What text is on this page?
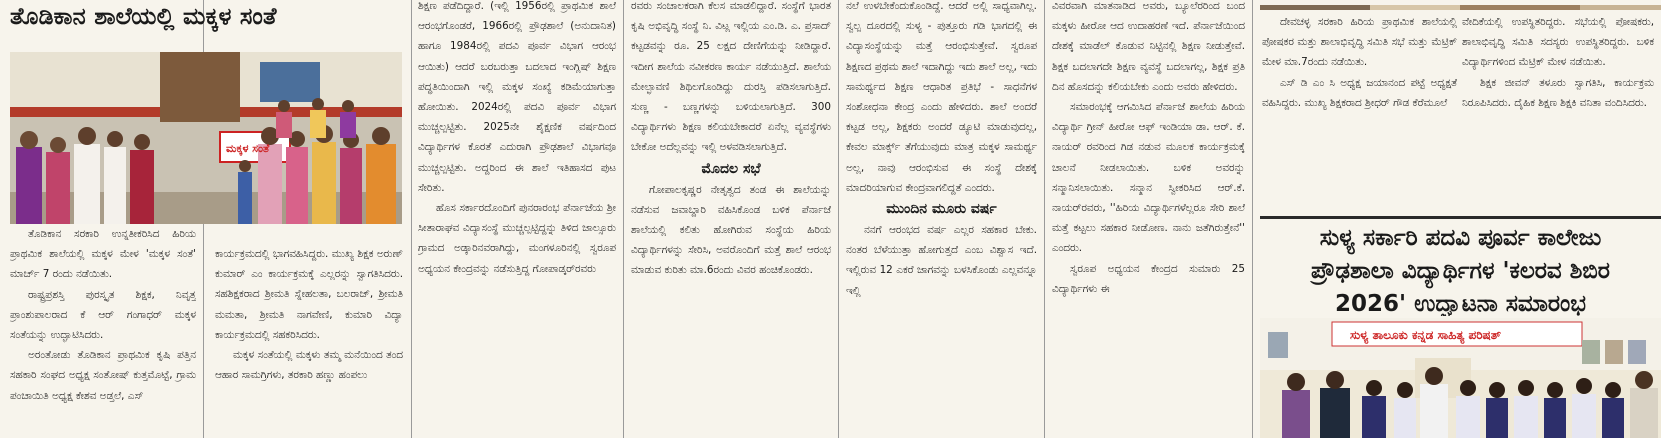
ತೊಡಿಕಾನ ಶಾಲೆಯಲ್ಲಿ ಮಕ್ಕಳ ಸಂತೆ
ಮಕ್ಕಳ ಸಂತೆ

ತೊಡಿಕಾನ ಸರಕಾರಿ ಉನ್ನತೀಕರಿಸಿದ ಹಿರಿಯ ಪ್ರಾಥಮಿಕ ಶಾಲೆಯಲ್ಲಿ ಮಕ್ಕಳ ಮೇಳ 'ಮಕ್ಕಳ ಸಂತೆ' ಮಾರ್ಚ್ 7 ರಂದು ನಡೆಯಿತು.

ರಾಷ್ಟ್ರಪ್ರಶಸ್ತಿ ಪುರಸ್ಕೃತ ಶಿಕ್ಷಕ, ನಿವೃತ್ತ ಪ್ರಾಂಶುಪಾಲರಾದ ಕೆ ಆರ್ ಗಂಗಾಧರ್ ಮಕ್ಕಳ ಸಂತೆಯನ್ನು ಉದ್ಘಾಟಿಸಿದರು.

ಅರಂತೋಡು ತೊಡಿಕಾನ ಪ್ರಾಥಮಿಕ ಕೃಷಿ ಪತ್ತಿನ ಸಹಕಾರಿ ಸಂಘದ ಅಧ್ಯಕ್ಷ ಸಂತೋಷ್ ಕುತ್ತಮೊಟ್ಟೆ, ಗ್ರಾಮ ಪಂಚಾಯಿತಿ ಅಧ್ಯಕ್ಷ ಕೇಶವ ಅಡ್ತಲೆ, ಎಸ್

ಕಾರ್ಯಕ್ರಮದಲ್ಲಿ ಭಾಗವಹಿಸಿದ್ದರು. ಮುಖ್ಯ ಶಿಕ್ಷಕ ಅರುಣ್ ಕುಮಾರ್ ಎಂ ಕಾರ್ಯಕ್ರಮಕ್ಕೆ ಎಲ್ಲರನ್ನು ಸ್ವಾಗತಿಸಿದರು. ಸಹಶಿಕ್ಷಕರಾದ ಶ್ರೀಮತಿ ಸ್ನೇಹಲತಾ, ಬಲರಾಜ್, ಶ್ರೀಮತಿ ಮಮತಾ, ಶ್ರೀಮತಿ ನಾಗವೇಣಿ, ಕುಮಾರಿ ವಿದ್ಯಾ ಕಾರ್ಯಕ್ರಮದಲ್ಲಿ ಸಹಕರಿಸಿದರು.

ಮಕ್ಕಳ ಸಂತೆಯಲ್ಲಿ ಮಕ್ಕಳು ತಮ್ಮ ಮನೆಯಿಂದ ತಂದ ಆಹಾರ ಸಾಮಗ್ರಿಗಳು, ತರಕಾರಿ ಹಣ್ಣು ಹಂಪಲು

ಶಿಕ್ಷಣ ಪಡೆದಿದ್ದಾರೆ. (ಇಲ್ಲಿ 1956ರಲ್ಲಿ ಪ್ರಾಥಮಿಕ ಶಾಲೆ ಆರಂಭಗೊಂಡರೆ, 1966ರಲ್ಲಿ ಪ್ರೌಢಶಾಲೆ (ಅನುದಾನಿತ) ಹಾಗೂ 1984ರಲ್ಲಿ ಪದವಿ ಪೂರ್ವ ವಿಭಾಗ ಆರಂಭ ಆಯಿತು) ಆದರೆ ಬರಬರುತ್ತಾ ಬದಲಾದ ಇಂಗ್ಲಿಷ್ ಶಿಕ್ಷಣ ಪದ್ಧತಿಯಿಂದಾಗಿ ಇಲ್ಲಿ ಮಕ್ಕಳ ಸಂಖ್ಯೆ ಕಡಿಮೆಯಾಗುತ್ತಾ ಹೋಯಿತು. 2024ರಲ್ಲಿ ಪದವಿ ಪೂರ್ವ ವಿಭಾಗ ಮುಚ್ಚಲ್ಪಟ್ಟಿತು. 2025ನೇ ಶೈಕ್ಷಣಿಕ ವರ್ಷದಿಂದ ವಿದ್ಯಾರ್ಥಿಗಳ ಕೊರತೆ ಎದುರಾಗಿ ಪ್ರೌಢಶಾಲೆ ವಿಭಾಗವೂ ಮುಚ್ಚಲ್ಪಟ್ಟಿತು. ಅದ್ದರಿಂದ ಈ ಶಾಲೆ ಇತಿಹಾಸದ ಪುಟ ಸೇರಿತು.

ಹೊಸ ಸರ್ಕಾರದೊಂದಿಗೆ ಪುನರಾರಂಭ ಪೆರ್ನಾಜೆಯ ಶ್ರೀ ಸೀತಾರಾಘವ ವಿದ್ಯಾಸಂಸ್ಥೆ ಮುಚ್ಚಲ್ಪಟ್ಟಿದ್ದನ್ನು ತಿಳಿದ ಜಾಲ್ಸೂರು ಗ್ರಾಮದ ಅಡ್ಕಾರಿನವರಾಗಿದ್ದು, ಮಂಗಳೂರಿನಲ್ಲಿ ಸ್ವರೂಪ ಅಧ್ಯಯನ ಕೇಂದ್ರವನ್ನು ನಡೆಸುತ್ತಿದ್ದ ಗೋಪಾಡ್ಕರ್‌ರವರು

ರವರು ಸಂಚಾಲಕರಾಗಿ ಕೆಲಸ ಮಾಡಲಿದ್ದಾರೆ. ಸಂಸ್ಥೆಗೆ ಭಾರತ ಕೃಷಿ ಅಭಿವೃದ್ಧಿ ಸಂಸ್ಥೆ ನಿ. ವಿಟ್ಲ ಇಲ್ಲಿಯ ಎಂ.ಡಿ. ಎ. ಪ್ರಸಾದ್ ಕಟ್ಟಡವನ್ನು ರೂ. 25 ಲಕ್ಷದ ದೇಣಿಗೆಯನ್ನು ನೀಡಿದ್ದಾರೆ. ಇದೀಗ ಶಾಲೆಯ ನವೀಕರಣ ಕಾರ್ಯ ನಡೆಯುತ್ತಿದೆ. ಶಾಲೆಯ ಮೇಲ್ಛಾವಣಿ ಶಿಥಿಲಗೊಂಡಿದ್ದು ದುರಸ್ತಿ ಪಡಿಸಲಾಗುತ್ತಿದೆ. ಸುಣ್ಣ - ಬಣ್ಣಗಳನ್ನು ಬಳಿಯಲಾಗುತ್ತಿದೆ. 300 ವಿದ್ಯಾರ್ಥಿಗಳು ಶಿಕ್ಷಣ ಕಲಿಯಬೇಕಾದರೆ ಏನೆಲ್ಲ ವ್ಯವಸ್ಥೆಗಳು ಬೇಕೋ ಅದೆಲ್ಲವನ್ನು ಇಲ್ಲಿ ಅಳವಡಿಸಲಾಗುತ್ತಿದೆ.

ಮೊದಲ ಸಭೆ

ಗೋಪಾಲಕೃಷ್ಣರ ನೇತೃತ್ವದ ತಂಡ ಈ ಶಾಲೆಯನ್ನು ನಡೆಸುವ ಜವಾಬ್ದಾರಿ ವಹಿಸಿಕೊಂಡ ಬಳಿಕ ಪೆರ್ನಾಜೆ ಶಾಲೆಯಲ್ಲಿ ಕಲಿತು ಹೋಗಿರುವ ಸಂಸ್ಥೆಯ ಹಿರಿಯ ವಿದ್ಯಾರ್ಥಿಗಳನ್ನು ಸೇರಿಸಿ, ಅವರೊಂದಿಗೆ ಮತ್ತೆ ಶಾಲೆ ಆರಂಭ ಮಾಡುವ ಕುರಿತು ಮಾ.6ರಂದು ವಿವರ ಹಂಚಿಕೊಂಡರು.

ನಲೆ ಉಳಬೇಕೆಂದುಕೊಂಡಿದ್ದೆ. ಆದರೆ ಅಲ್ಲಿ ಸಾಧ್ಯವಾಗಿಲ್ಲ. ಸ್ವಲ್ಪ ದೂರದಲ್ಲಿ ಸುಳ್ಯ - ಪುತ್ತೂರು ಗಡಿ ಭಾಗದಲ್ಲಿ ಈ ವಿದ್ಯಾಸಂಸ್ಥೆಯನ್ನು ಮತ್ತೆ ಆರಂಭಿಸುತ್ತೇವೆ. ಸ್ವರೂಪ ಶಿಕ್ಷಣದ ಪ್ರಥಮ ಶಾಲೆ ಇದಾಗಿದ್ದು ಇದು ಶಾಲೆ ಅಲ್ಲ, ಇದು ಸಾಮರ್ಥ್ಯದ ಶಿಕ್ಷಣ ಆಧಾರಿತ ಪ್ರತಿಭೆ - ಸಾಧನೆಗಳ ಸಂಶೋಧನಾ ಕೇಂದ್ರ ಎಂದು ಹೇಳಿದರು. ಶಾಲೆ ಅಂದರೆ ಕಟ್ಟಡ ಅಲ್ಲ, ಶಿಕ್ಷಕರು ಅಂದರೆ ಡ್ಯೂಟಿ ಮಾಡುವುದಲ್ಲ, ಕೇವಲ ಮಾರ್ಕ್ಸ್ ತೆಗೆಯುವುದು ಮಾತ್ರ ಮಕ್ಕಳ ಸಾಮರ್ಥ್ಯ ಅಲ್ಲ, ನಾವು ಆರಂಭಿಸುವ ಈ ಸಂಸ್ಥೆ ದೇಶಕ್ಕೆ ಮಾದರಿಯಾಗುವ ಕೇಂದ್ರವಾಗಲಿದ್ದತೆ ಎಂದರು.

ಮುಂದಿನ ಮೂರು ವರ್ಷ

ನನಗೆ ಆರಂಭದ ವರ್ಷ ಎಲ್ಲರ ಸಹಕಾರ ಬೇಕು. ನಂತರ ಬೆಳೆಯುತ್ತಾ ಹೋಗುತ್ತದೆ ಎಂಬ ವಿಶ್ವಾಸ ಇದೆ. ಇಲ್ಲಿರುವ 12 ಎಕರೆ ಜಾಗವನ್ನು ಬಳಸಿಕೊಂಡು ಎಲ್ಲವನ್ನೂ ಇಲ್ಲಿ

ವಿವರವಾಗಿ ಮಾತನಾಡಿದ ಅವರು, ಬ್ಯೂಲೆರರಿಂದ ಬಂದ ಮಕ್ಕಳು ಹೀರೋ ಆದ ಉದಾಹರಣೆ ಇದೆ. ಪೆರ್ನಾಜೆಯಿಂದ ದೇಶಕ್ಕೆ ಮಾಡೆಲ್ ಕೊಡುವ ನಿಟ್ಟಿನಲ್ಲಿ ಶಿಕ್ಷಣ ನೀಡುತ್ತೇವೆ. ಶಿಕ್ಷಕ ಬದಲಾಗದೇ ಶಿಕ್ಷಣ ವ್ಯವಸ್ಥೆ ಬದಲಾಗಲ್ಲ, ಶಿಕ್ಷಕ ಪ್ರತಿ ದಿನ ಹೊಸದನ್ನು ಕಲಿಯಬೇಕು ಎಂದು ಅವರು ಹೇಳಿದರು.

ಸಮಾರಂಭಕ್ಕೆ ಆಗಮಿಸಿದ ಪೆರ್ನಾಜೆ ಶಾಲೆಯ ಹಿರಿಯ ವಿದ್ಯಾರ್ಥಿ ಗ್ರೀನ್ ಹೀರೋ ಆಫ್ ಇಂಡಿಯಾ ಡಾ. ಆರ್. ಕೆ. ನಾಯರ್ ರವರಿಂದ ಗಿಡ ನಡುವ ಮೂಲಕ ಕಾರ್ಯಕ್ರಮಕ್ಕೆ ಚಾಲನೆ ನೀಡಲಾಯಿತು. ಬಳಿಕ ಅವರನ್ನು ಸನ್ಮಾನಿಸಲಾಯಿತು. ಸನ್ಮಾನ ಸ್ವೀಕರಿಸಿದ ಆರ್.ಕೆ. ನಾಯರ್‌ರವರು, ''ಹಿರಿಯ ವಿದ್ಯಾರ್ಥಿಗಳೆಲ್ಲರೂ ಸೇರಿ ಶಾಲೆ ಮತ್ತೆ ಕಟ್ಟಲು ಸಹಕಾರ ನೀಡೋಣ. ನಾನು ಜತೆಗಿರುತ್ತೇನೆ'' ಎಂದರು.

ಸ್ವರೂಪ ಅಧ್ಯಯನ ಕೇಂದ್ರದ ಸುಮಾರು 25 ವಿದ್ಯಾರ್ಥಿಗಳು ಈ

ದೇವಚಳ್ಳ ಸರಕಾರಿ ಹಿರಿಯ ಪ್ರಾಥಮಿಕ ಶಾಲೆಯಲ್ಲಿ ಪೋಷಕರ ಮತ್ತು ಶಾಲಾಭಿವೃದ್ಧಿ ಸಮಿತಿ ಸಭೆ ಮತ್ತು ಮೆಟ್ರಿಕ್ ಮೇಳ ಮಾ.7ರಂದು ನಡೆಯಿತು.

ಎಸ್ ಡಿ ಎಂ ಸಿ ಅಧ್ಯಕ್ಷ ಜಯಾನಂದ ಪಟ್ಟೆ ಅಧ್ಯಕ್ಷತೆ ವಹಿಸಿದ್ದರು. ಮುಖ್ಯ ಶಿಕ್ಷಕರಾದ ಶ್ರೀಧರ್ ಗೌಡ ಕೆರೆಮೂಲೆ

ವೇದಿಕೆಯಲ್ಲಿ ಉಪಸ್ಥಿತರಿದ್ದರು. ಸಭೆಯಲ್ಲಿ ಪೋಷಕರು, ಶಾಲಾಭಿವೃದ್ಧಿ ಸಮಿತಿ ಸದಸ್ಯರು ಉಪಸ್ಥಿತರಿದ್ದರು. ಬಳಿಕ ವಿದ್ಯಾರ್ಥಿಗಳಿಂದ ಮೆಟ್ರಿಕ್ ಮೇಳ ನಡೆಯಿತು.

ಶಿಕ್ಷಕ ಜೀವನ್ ತಳೂರು ಸ್ವಾಗತಿಸಿ, ಕಾರ್ಯಕ್ರಮ ನಿರೂಪಿಸಿದರು. ದೈಹಿಕ ಶಿಕ್ಷಣ ಶಿಕ್ಷಕಿ ವನಿತಾ ವಂದಿಸಿದರು.

ಸುಳ್ಯ ಸರ್ಕಾರಿ ಪದವಿ ಪೂರ್ವ ಕಾಲೇಜು
ಪ್ರೌಢಶಾಲಾ ವಿದ್ಯಾರ್ಥಿಗಳ 'ಕಲರವ ಶಿಬಿರ
2026' ಉದ್ಘಾಟನಾ ಸಮಾರಂಭ
ಸುಳ್ಯ ತಾಲೂಕು ಕನ್ನಡ ಸಾಹಿತ್ಯ ಪರಿಷತ್
